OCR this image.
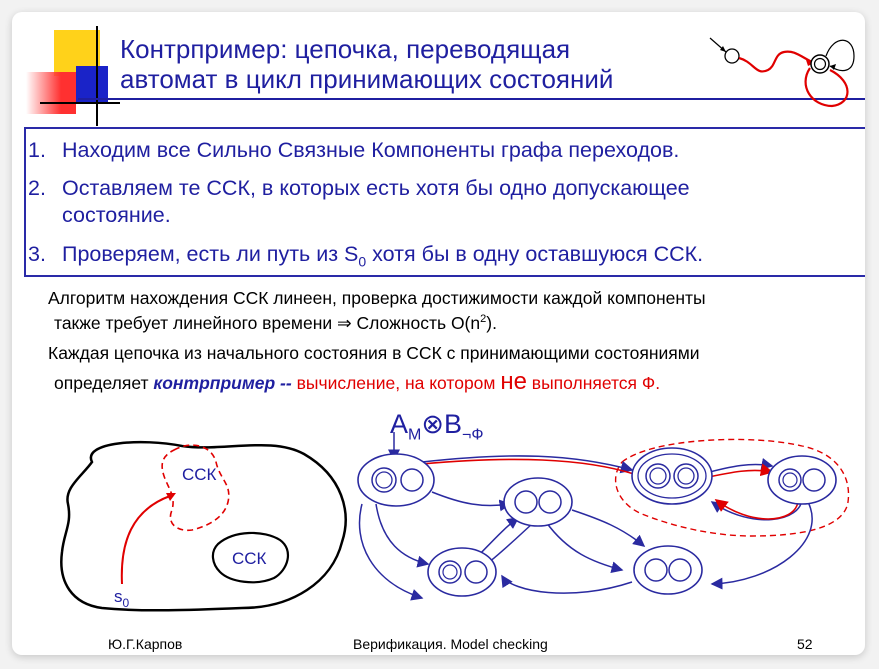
Контрпример: цепочка, переводящая
автомат в цикл принимающих состояний
1. Находим все Сильно Связные Компоненты графа переходов.
2. Оставляем те ССК, в которых есть хотя бы одно допускающее
состояние.
3. Проверяем, есть ли путь из $S_0$ хотя бы в одну оставшуюся ССК.
Алгоритм нахождения ССК линеен, проверка достижимости каждой компоненты
также требует линейного времени ⇒ Сложность $O(n^2)$.
Каждая цепочка из начального состояния в ССК с принимающими состояниями
определяет контрпример -- вычисление, на котором не выполняется Ф.
ССК
ССК
$s_0$
$A_M\otimes B_{\neg Ф}$
Ю.Г.Карпов	Верификация. Model checking	52
